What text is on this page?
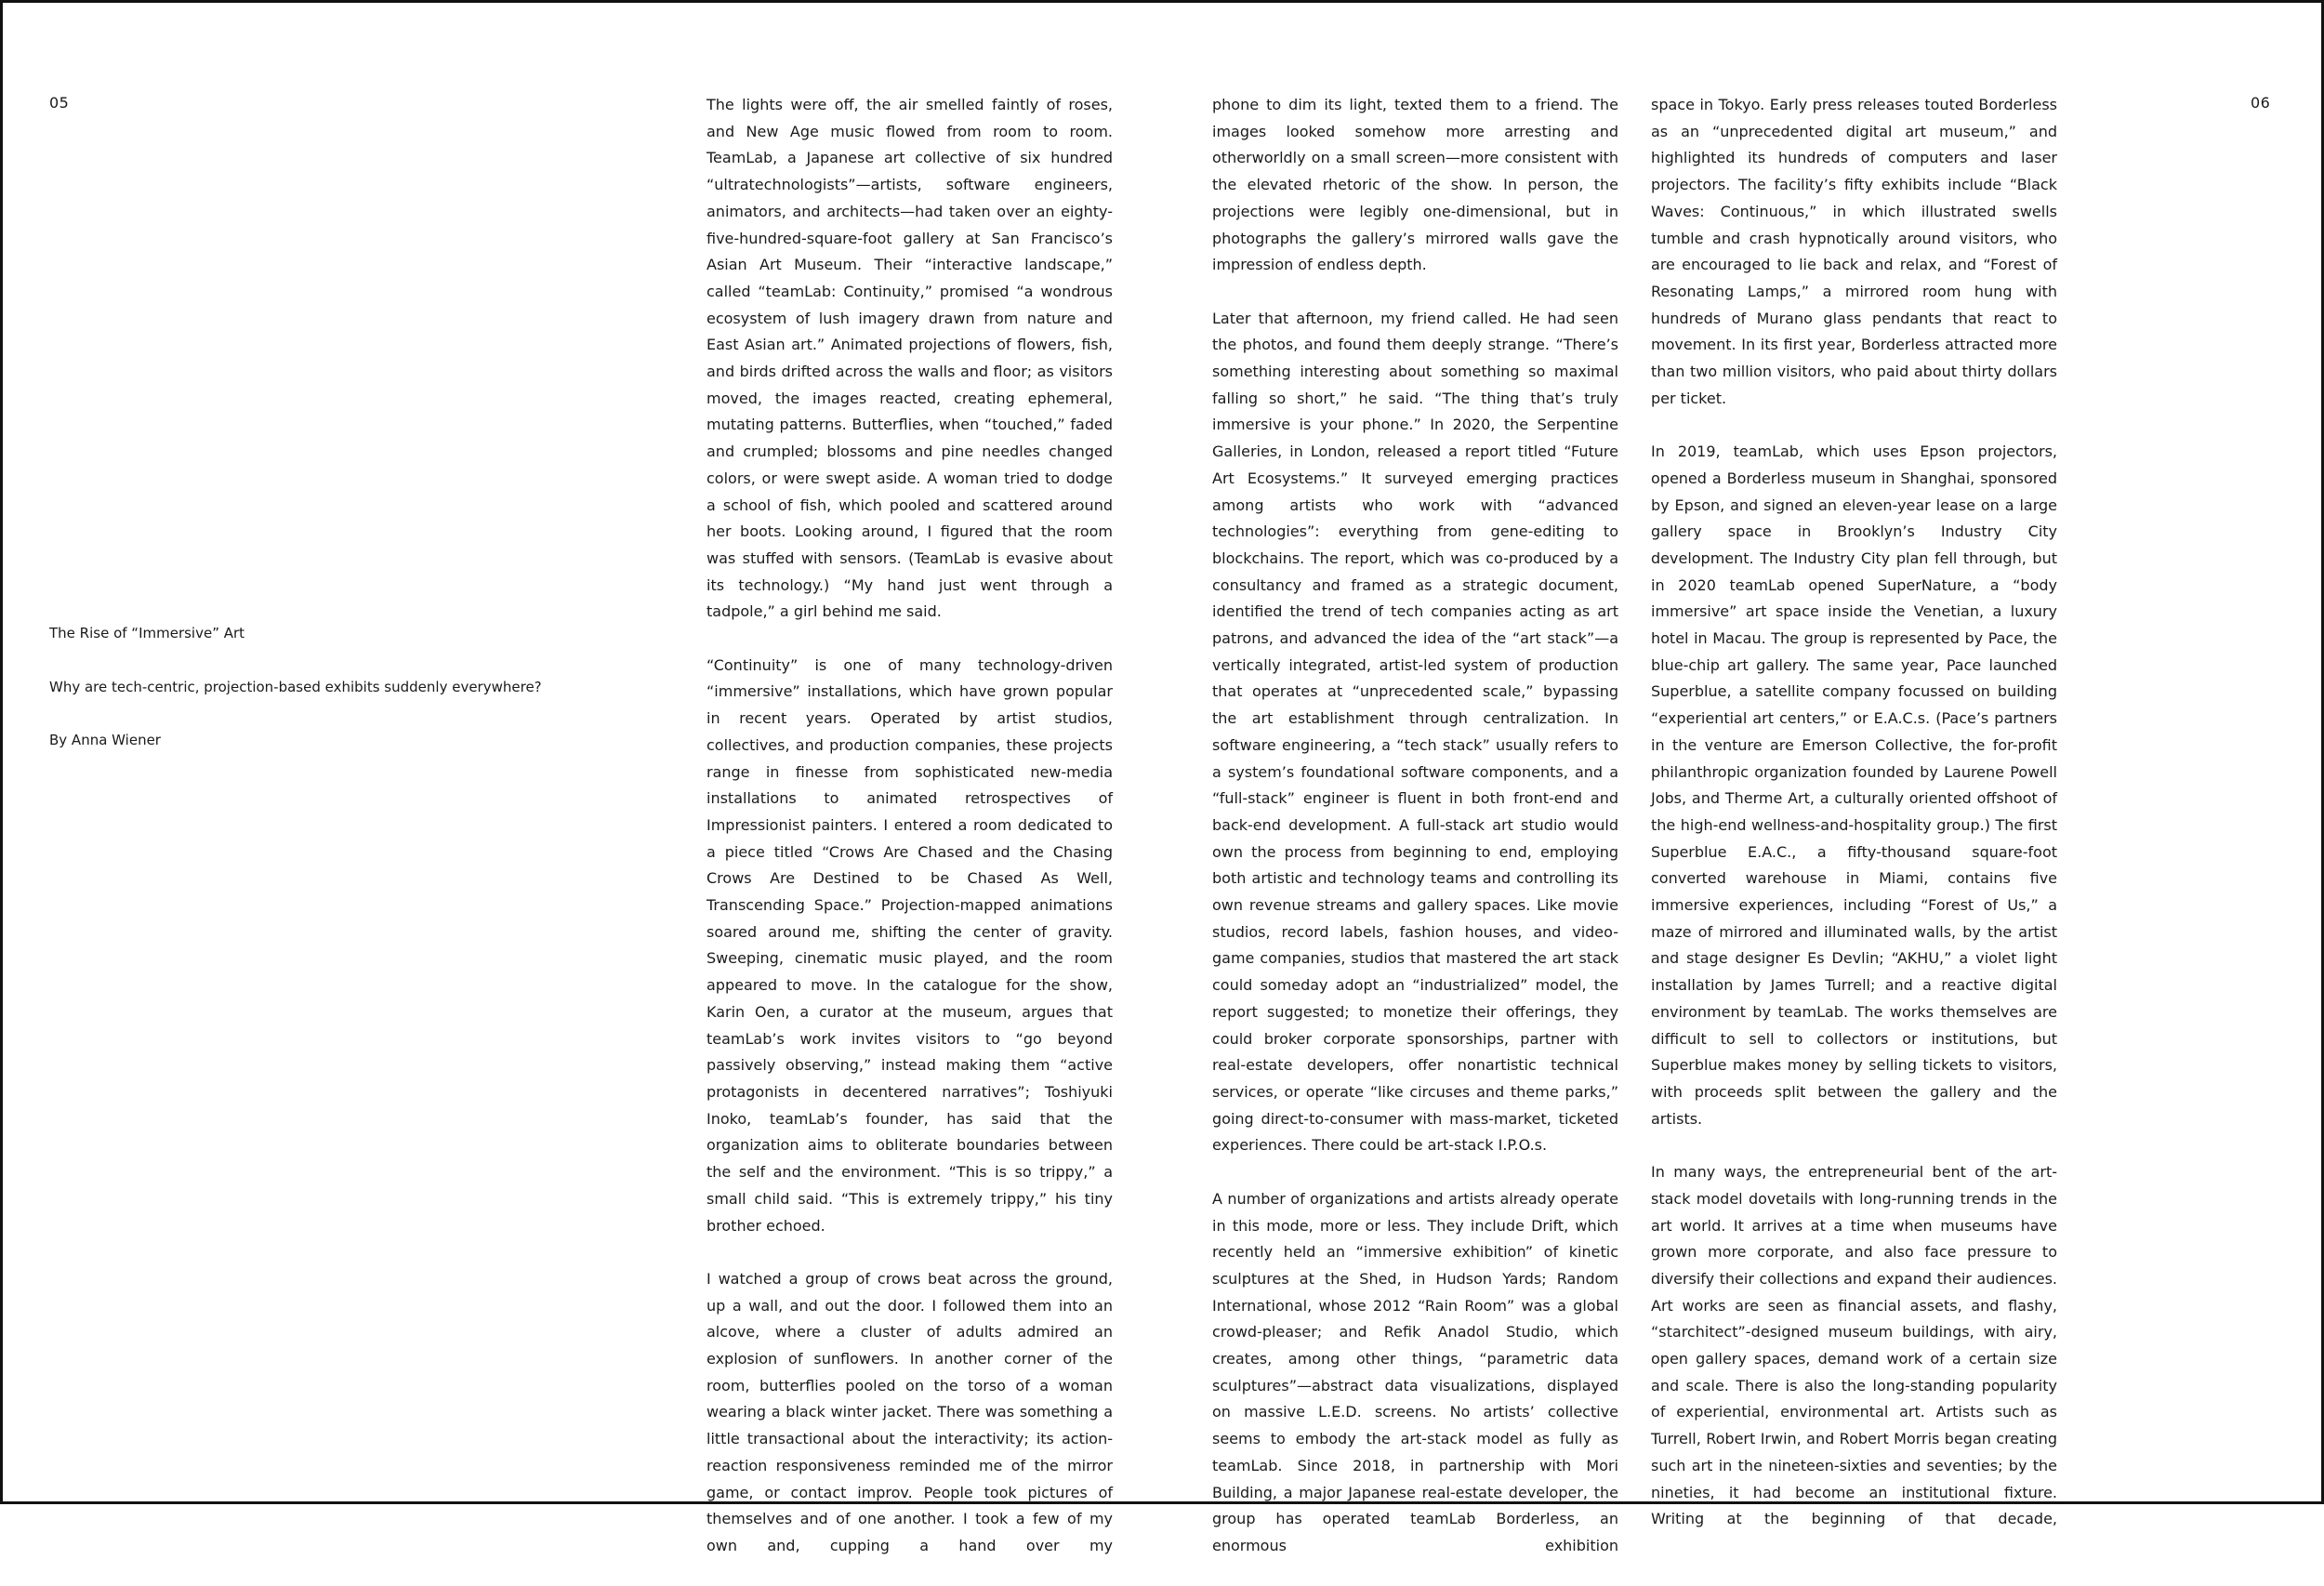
05	06
The Rise of “Immersive” Art
Why are tech-centric, projection-based exhibits suddenly everywhere?
By Anna Wiener

The lights were off, the air smelled faintly of roses, and New Age music flowed from room to room. TeamLab, a Japanese art collective of six hundred “ultratechnologists”—artists, software engineers, animators, and architects—had taken over an eighty-five-hundred-square-foot gallery at San Francisco’s Asian Art Museum. Their “interactive landscape,” called “teamLab: Continuity,” promised “a wondrous ecosystem of lush imagery drawn from nature and East Asian art.” Animated projections of flowers, fish, and birds drifted across the walls and floor; as visitors moved, the images reacted, creating ephemeral, mutating patterns. Butterflies, when “touched,” faded and crumpled; blossoms and pine needles changed colors, or were swept aside. A woman tried to dodge a school of fish, which pooled and scattered around her boots. Looking around, I figured that the room was stuffed with sensors. (TeamLab is evasive about its technology.) “My hand just went through a tadpole,” a girl behind me said.

“Continuity” is one of many technology-driven “immersive” installations, which have grown popular in recent years. Operated by artist studios, collectives, and production companies, these projects range in finesse from sophisticated new-media installations to animated retrospectives of Impressionist painters. I entered a room dedicated to a piece titled “Crows Are Chased and the Chasing Crows Are Destined to be Chased As Well, Transcending Space.” Projection-mapped animations soared around me, shifting the center of gravity. Sweeping, cinematic music played, and the room appeared to move. In the catalogue for the show, Karin Oen, a curator at the museum, argues that teamLab’s work invites visitors to “go beyond passively observing,” instead making them “active protagonists in decentered narratives”; Toshiyuki Inoko, teamLab’s founder, has said that the organization aims to obliterate boundaries between the self and the environment. “This is so trippy,” a small child said. “This is extremely trippy,” his tiny brother echoed.

I watched a group of crows beat across the ground, up a wall, and out the door. I followed them into an alcove, where a cluster of adults admired an explosion of sunflowers. In another corner of the room, butterflies pooled on the torso of a woman wearing a black winter jacket. There was something a little transactional about the interactivity; its action-reaction responsiveness reminded me of the mirror game, or contact improv. People took pictures of themselves and of one another. I took a few of my own and, cupping a hand over my

phone to dim its light, texted them to a friend. The images looked somehow more arresting and otherworldly on a small screen—more consistent with the elevated rhetoric of the show. In person, the projections were legibly one-dimensional, but in photographs the gallery’s mirrored walls gave the impression of endless depth.

Later that afternoon, my friend called. He had seen the photos, and found them deeply strange. “There’s something interesting about something so maximal falling so short,” he said. “The thing that’s truly immersive is your phone.” In 2020, the Serpentine Galleries, in London, released a report titled “Future Art Ecosystems.” It surveyed emerging practices among artists who work with “advanced technologies”: everything from gene-editing to blockchains. The report, which was co-produced by a consultancy and framed as a strategic document, identified the trend of tech companies acting as art patrons, and advanced the idea of the “art stack”—a vertically integrated, artist-led system of production that operates at “unprecedented scale,” bypassing the art establishment through centralization. In software engineering, a “tech stack” usually refers to a system’s foundational software components, and a “full-stack” engineer is fluent in both front-end and back-end development. A full-stack art studio would own the process from beginning to end, employing both artistic and technology teams and controlling its own revenue streams and gallery spaces. Like movie studios, record labels, fashion houses, and video-game companies, studios that mastered the art stack could someday adopt an “industrialized” model, the report suggested; to monetize their offerings, they could broker corporate sponsorships, partner with real-estate developers, offer nonartistic technical services, or operate “like circuses and theme parks,” going direct-to-consumer with mass-market, ticketed experiences. There could be art-stack I.P.O.s.

A number of organizations and artists already operate in this mode, more or less. They include Drift, which recently held an “immersive exhibition” of kinetic sculptures at the Shed, in Hudson Yards; Random International, whose 2012 “Rain Room” was a global crowd-pleaser; and Refik Anadol Studio, which creates, among other things, “parametric data sculptures”—abstract data visualizations, displayed on massive L.E.D. screens. No artists’ collective seems to embody the art-stack model as fully as teamLab. Since 2018, in partnership with Mori Building, a major Japanese real-estate developer, the group has operated teamLab Borderless, an enormous exhibition

space in Tokyo. Early press releases touted Borderless as an “unprecedented digital art museum,” and highlighted its hundreds of computers and laser projectors. The facility’s fifty exhibits include “Black Waves: Continuous,” in which illustrated swells tumble and crash hypnotically around visitors, who are encouraged to lie back and relax, and “Forest of Resonating Lamps,” a mirrored room hung with hundreds of Murano glass pendants that react to movement. In its first year, Borderless attracted more than two million visitors, who paid about thirty dollars per ticket.

In 2019, teamLab, which uses Epson projectors, opened a Borderless museum in Shanghai, sponsored by Epson, and signed an eleven-year lease on a large gallery space in Brooklyn’s Industry City development. The Industry City plan fell through, but in 2020 teamLab opened SuperNature, a “body immersive” art space inside the Venetian, a luxury hotel in Macau. The group is represented by Pace, the blue-chip art gallery. The same year, Pace launched Superblue, a satellite company focussed on building “experiential art centers,” or E.A.C.s. (Pace’s partners in the venture are Emerson Collective, the for-profit philanthropic organization founded by Laurene Powell Jobs, and Therme Art, a culturally oriented offshoot of the high-end wellness-and-hospitality group.) The first Superblue E.A.C., a fifty-thousand square-foot converted warehouse in Miami, contains five immersive experiences, including “Forest of Us,” a maze of mirrored and illuminated walls, by the artist and stage designer Es Devlin; “AKHU,” a violet light installation by James Turrell; and a reactive digital environment by teamLab. The works themselves are difficult to sell to collectors or institutions, but Superblue makes money by selling tickets to visitors, with proceeds split between the gallery and the artists.

In many ways, the entrepreneurial bent of the art-stack model dovetails with long-running trends in the art world. It arrives at a time when museums have grown more corporate, and also face pressure to diversify their collections and expand their audiences. Art works are seen as financial assets, and flashy, “starchitect”-designed museum buildings, with airy, open gallery spaces, demand work of a certain size and scale. There is also the long-standing popularity of experiential, environmental art. Artists such as Turrell, Robert Irwin, and Robert Morris began creating such art in the nineteen-sixties and seventies; by the nineties, it had become an institutional fixture. Writing at the beginning of that decade,
